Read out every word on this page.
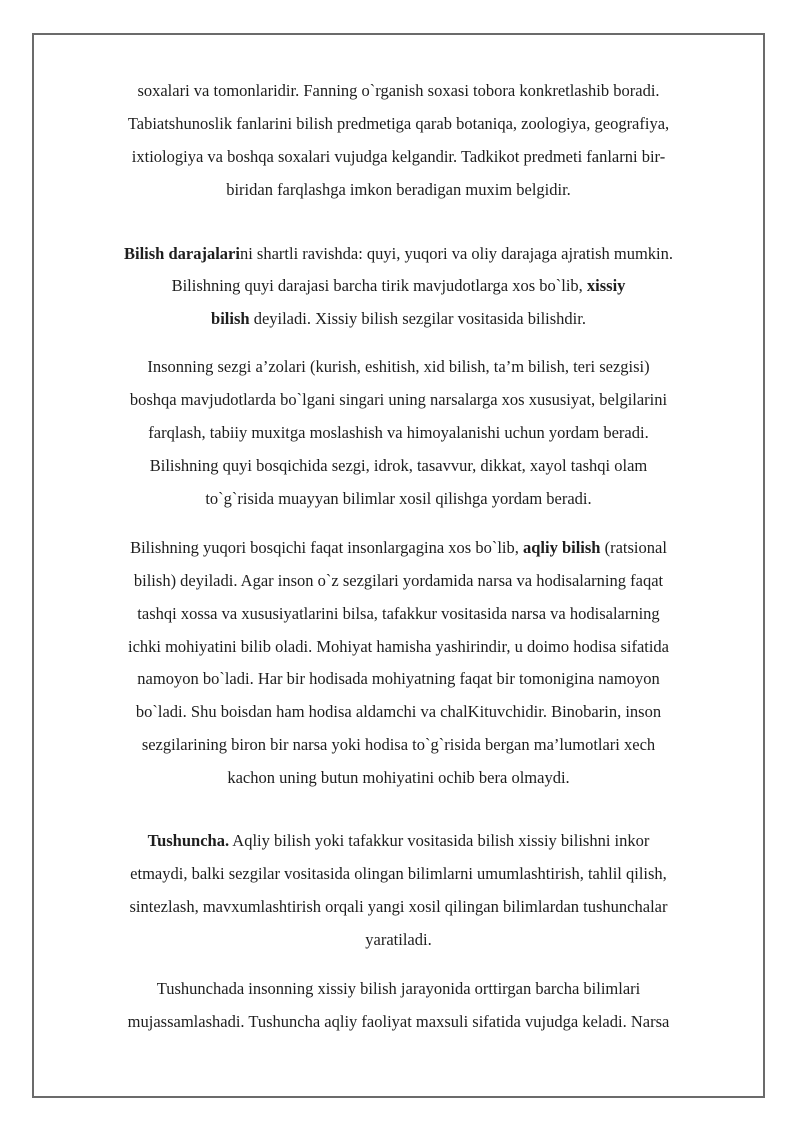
soxalari va tomonlaridir. Fanning o`rganish soxasi tobora konkretlashib boradi.
Tabiatshunoslik fanlarini bilish predmetiga qarab botaniqa, zoologiya, geografiya,
ixtiologiya va boshqa soxalari vujudga kelgandir. Tadkikot predmeti fanlarni bir-
biridan farqlashga imkon beradigan muxim belgidir.
Bilish darajalarini shartli ravishda: quyi, yuqori va oliy darajaga ajratish mumkin.
Bilishning quyi darajasi barcha tirik mavjudotlarga xos bo`lib, xissiy
bilish deyiladi. Xissiy bilish sezgilar vositasida bilishdir.
Insonning sezgi a’zolari (kurish, eshitish, xid bilish, ta’m bilish, teri sezgisi)
boshqa mavjudotlarda bo`lgani singari uning narsalarga xos xususiyat, belgilarini
farqlash, tabiiy muxitga moslashish va himoyalanishi uchun yordam beradi.
Bilishning quyi bosqichida sezgi, idrok, tasavvur, dikkat, xayol tashqi olam
to`g`risida muayyan bilimlar xosil qilishga yordam beradi.
Bilishning yuqori bosqichi faqat insonlargagina xos bo`lib, aqliy bilish (ratsional
bilish) deyiladi. Agar inson o`z sezgilari yordamida narsa va hodisalarning faqat
tashqi xossa va xususiyatlarini bilsa, tafakkur vositasida narsa va hodisalarning
ichki mohiyatini bilib oladi. Mohiyat hamisha yashirindir, u doimo hodisa sifatida
namoyon bo`ladi. Har bir hodisada mohiyatning faqat bir tomonigina namoyon
bo`ladi. Shu boisdan ham hodisa aldamchi va chalKituvchidir. Binobarin, inson
sezgilarining biron bir narsa yoki hodisa to`g`risida bergan ma’lumotlari xech
kachon uning butun mohiyatini ochib bera olmaydi.
Tushuncha. Aqliy bilish yoki tafakkur vositasida bilish xissiy bilishni inkor
etmaydi, balki sezgilar vositasida olingan bilimlarni umumlashtirish, tahlil qilish,
sintezlash, mavxumlashtirish orqali yangi xosil qilingan bilimlardan tushunchalar
yaratiladi.
Tushunchada insonning xissiy bilish jarayonida orttirgan barcha bilimlari
mujassamlashadi. Tushuncha aqliy faoliyat maxsuli sifatida vujudga keladi. Narsa
